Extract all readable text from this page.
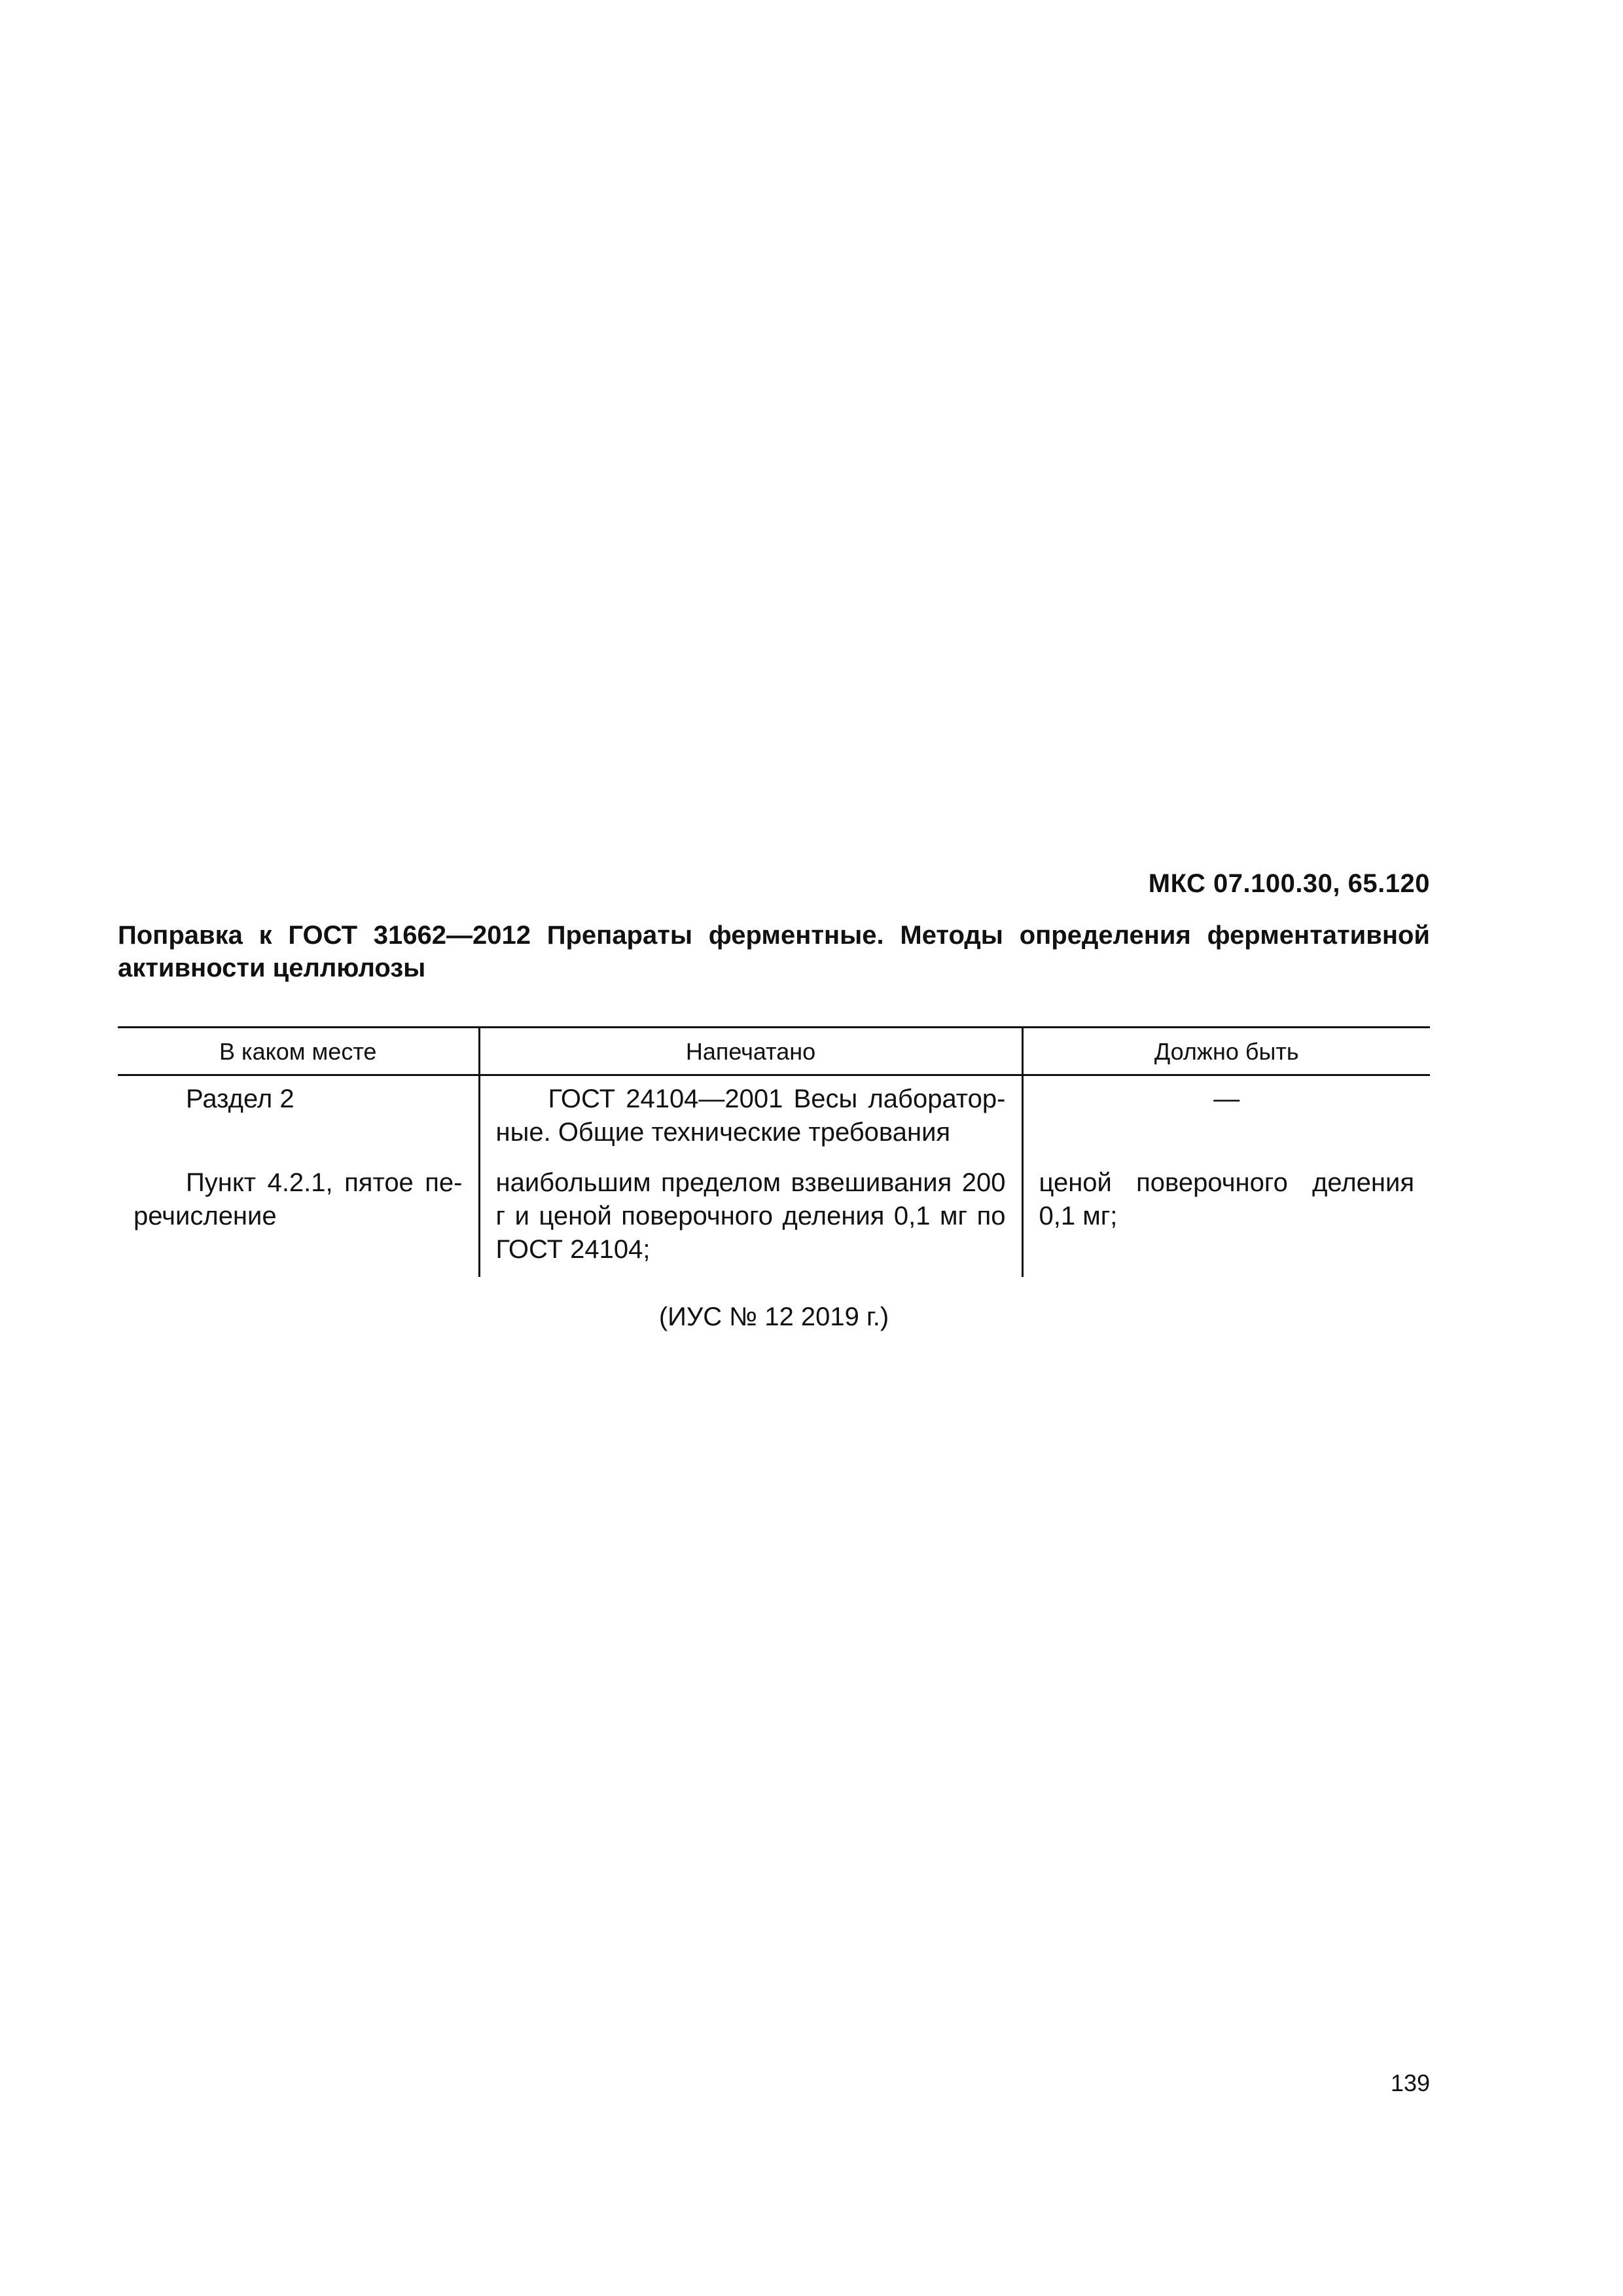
МКС 07.100.30, 65.120
Поправка к ГОСТ 31662—2012 Препараты ферментные. Методы определения ферментативной активности целлюлозы
В каком месте	Напечатано	Должно быть
Раздел 2	ГОСТ 24104—2001 Весы лаборатор-ные. Общие технические требования	—
Пункт 4.2.1, пятое пе-речисление	наибольшим пределом взвешивания 200 г и ценой поверочного деления 0,1 мг по ГОСТ 24104;	ценой поверочного деления 0,1 мг;
(ИУС № 12 2019 г.)
139
